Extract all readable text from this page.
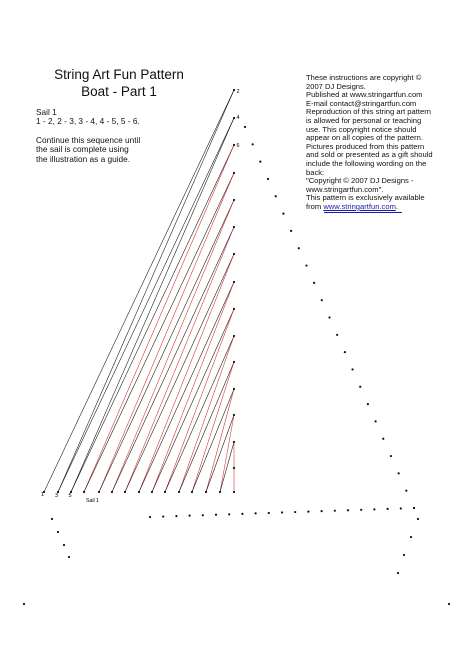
String Art Fun Pattern
Boat - Part 1
Sail 1
1 - 2, 2 - 3, 3 - 4, 4 - 5, 5 - 6.
Continue this sequence until
the sail is complete using
the illustration as a guide.
These instructions are copyright ©
2007 DJ Designs.
Published at www.stringartfun.com
E-mail contact@stringartfun.com
Reproduction of this string art pattern
is allowed for personal or teaching
use. This copyright notice should
appear on all copies of the pattern.
Pictures produced from this pattern
and sold or presented as a gift should
include the following wording on the
back:
"Copyright © 2007 DJ Designs -
www.stringartfun.com".
This pattern is exclusively available
from www.stringartfun.com.
1
2
3
4
5
6
Sail 1
